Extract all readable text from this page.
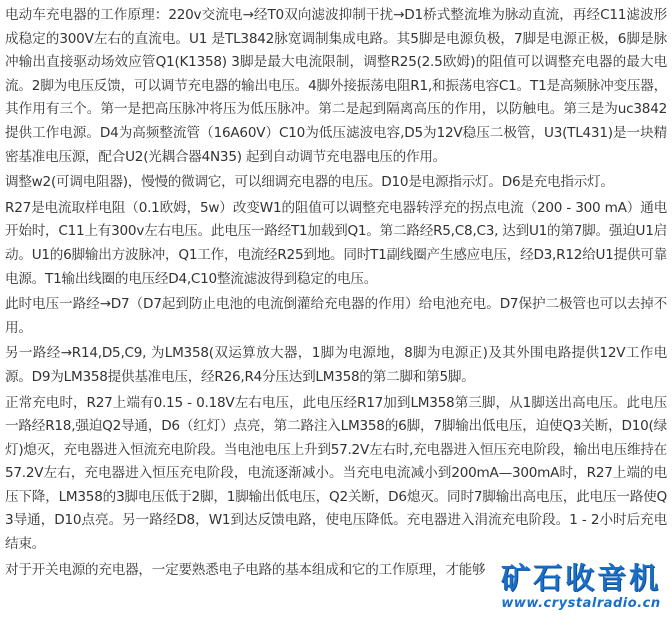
电动车充电器的工作原理：220v交流电→经T0双向滤波抑制干扰→D1桥式整流堆为脉动直流，再经C11滤波形成稳定的300V左右的直流电。U1 是TL3842脉宽调制集成电路。其5脚是电源负极，7脚是电源正极，6脚是脉冲输出直接驱动场效应管Q1(K1358) 3脚是最大电流限制，调整R25(2.5欧姆)的阻值可以调整充电器的最大电流。2脚为电压反馈，可以调节充电器的输出电压。4脚外接振荡电阻R1,和振荡电容C1。T1是高频脉冲变压器，其作用有三个。第一是把高压脉冲将压为低压脉冲。第二是起到隔离高压的作用，以防触电。第三是为uc3842提供工作电源。D4为高频整流管（16A60V）C10为低压滤波电容,D5为12V稳压二极管，U3(TL431)是一块精密基准电压源，配合U2(光耦合器4N35) 起到自动调节充电器电压的作用。

调整w2(可调电阻器)，慢慢的微调它，可以细调充电器的电压。D10是电源指示灯。D6是充电指示灯。

R27是电流取样电阻（0.1欧姆，5w）改变W1的阻值可以调整充电器转浮充的拐点电流（200 - 300 mA）通电开始时，C11上有300v左右电压。此电压一路经T1加载到Q1。第二路经R5,C8,C3, 达到U1的第7脚。强迫U1启动。U1的6脚输出方波脉冲，Q1工作，电流经R25到地。同时T1副线圈产生感应电压，经D3,R12给U1提供可靠电源。T1输出线圈的电压经D4,C10整流滤波得到稳定的电压。

此时电压一路经→D7（D7起到防止电池的电流倒灌给充电器的作用）给电池充电。D7保护二极管也可以去掉不用。

另一路经→R14,D5,C9, 为LM358(双运算放大器，1脚为电源地，8脚为电源正)及其外围电路提供12V工作电源。D9为LM358提供基准电压，经R26,R4分压达到LM358的第二脚和第5脚。

正常充电时，R27上端有0.15 - 0.18V左右电压，此电压经R17加到LM358第三脚，从1脚送出高电压。此电压一路经R18,强迫Q2导通，D6（红灯）点亮，第二路注入LM358的6脚，7脚输出低电压，迫使Q3关断，D10(绿灯)熄灭，充电器进入恒流充电阶段。当电池电压上升到57.2V左右时,充电器进入恒压充电阶段，输出电压维持在57.2V左右，充电器进入恒压充电阶段，电流逐渐减小。当充电电流减小到200mA—300mA时，R27上端的电压下降，LM358的3脚电压低于2脚，1脚输出低电压，Q2关断，D6熄灭。同时7脚输出高电压，此电压一路使Q3导通，D10点亮。另一路经D8，W1到达反馈电路，使电压降低。充电器进入涓流充电阶段。1 - 2小时后充电结束。

对于开关电源的充电器，一定要熟悉电子电路的基本组成和它的工作原理，才能够 矿石收音机
www.crystalradio.cn
